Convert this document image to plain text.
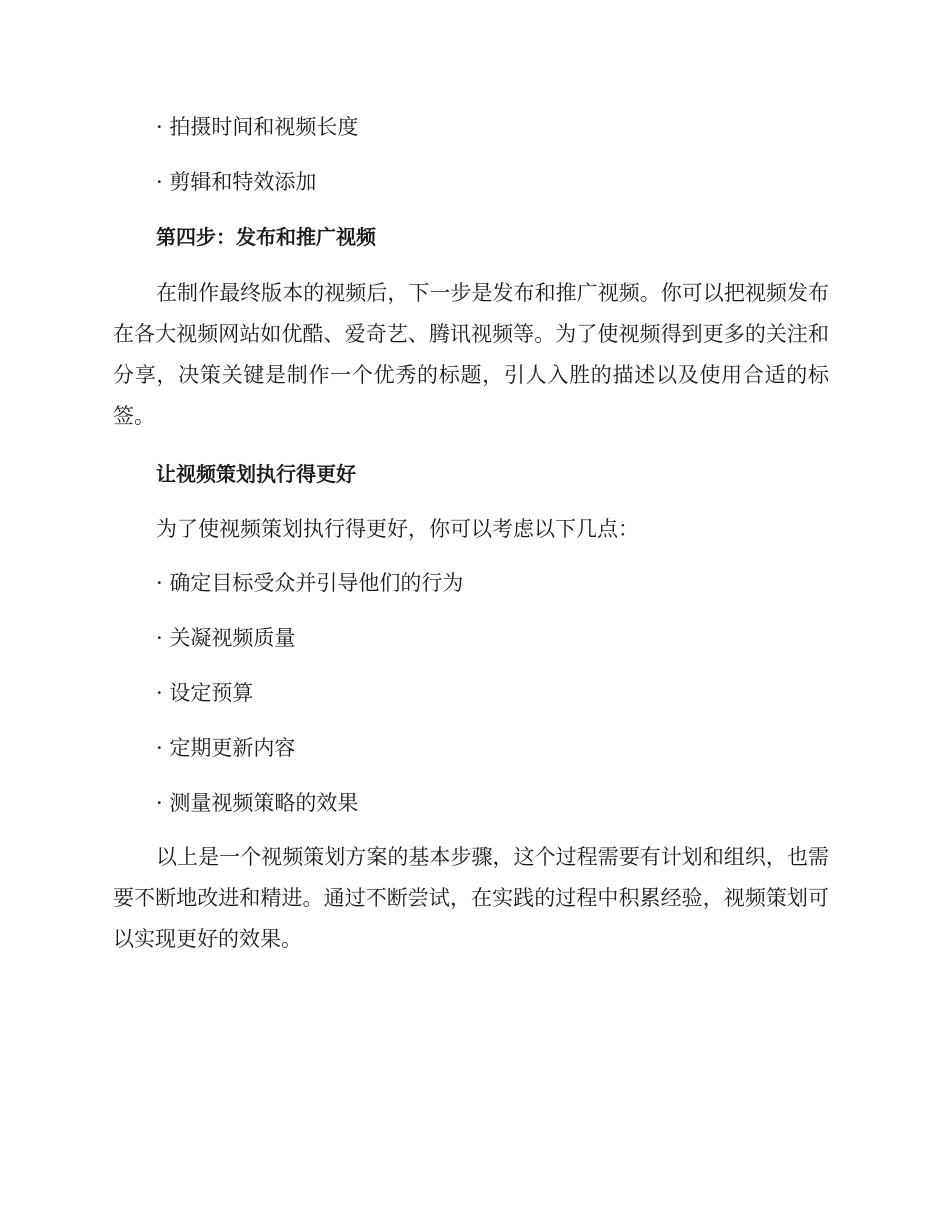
· 拍摄时间和视频长度
· 剪辑和特效添加
第四步：发布和推广视频

在制作最终版本的视频后，下一步是发布和推广视频。你可以把视频发布在各大视频网站如优酷、爱奇艺、腾讯视频等。为了使视频得到更多的关注和分享，决策关键是制作一个优秀的标题，引人入胜的描述以及使用合适的标签。

让视频策划执行得更好
为了使视频策划执行得更好，你可以考虑以下几点：
· 确定目标受众并引导他们的行为
· 关凝视频质量
· 设定预算
· 定期更新内容
· 测量视频策略的效果

以上是一个视频策划方案的基本步骤，这个过程需要有计划和组织，也需要不断地改进和精进。通过不断尝试，在实践的过程中积累经验，视频策划可以实现更好的效果。
